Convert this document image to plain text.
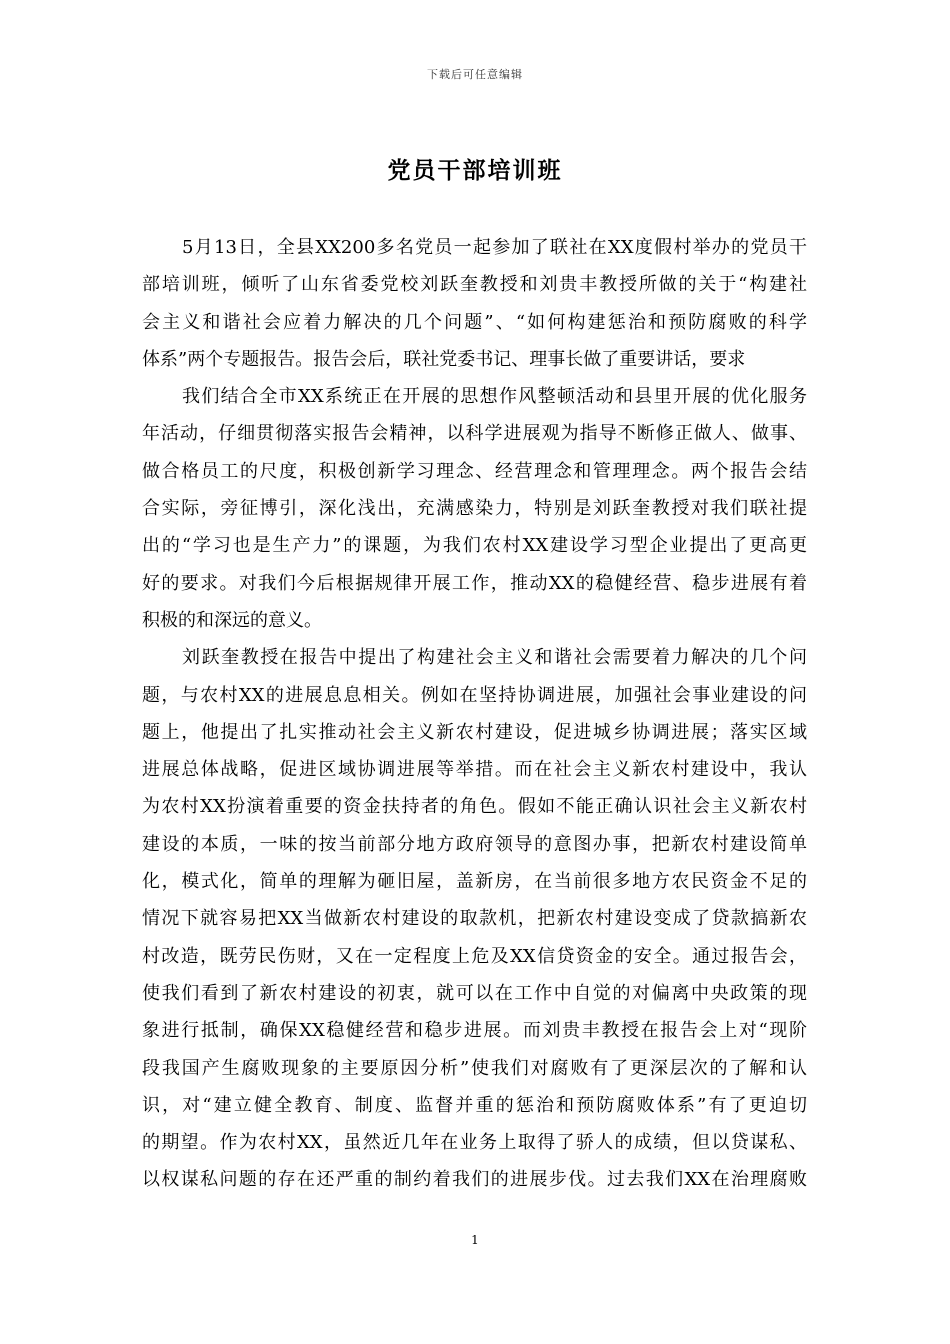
下载后可任意编辑
党员干部培训班
5月13日，全县XX200多名党员一起参加了联社在XX度假村举办的党员干
部培训班，倾听了山东省委党校刘跃奎教授和刘贵丰教授所做的关于“构建社
会主义和谐社会应着力解决的几个问题”、“如何构建惩治和预防腐败的科学
体系”两个专题报告。报告会后，联社党委书记、理事长做了重要讲话，要求
我们结合全市XX系统正在开展的思想作风整顿活动和县里开展的优化服务
年活动，仔细贯彻落实报告会精神，以科学进展观为指导不断修正做人、做事、
做合格员工的尺度，积极创新学习理念、经营理念和管理理念。两个报告会结
合实际，旁征博引，深化浅出，充满感染力，特别是刘跃奎教授对我们联社提
出的“学习也是生产力”的课题，为我们农村XX建设学习型企业提出了更高更
好的要求。对我们今后根据规律开展工作，推动XX的稳健经营、稳步进展有着
积极的和深远的意义。
刘跃奎教授在报告中提出了构建社会主义和谐社会需要着力解决的几个问
题，与农村XX的进展息息相关。例如在坚持协调进展，加强社会事业建设的问
题上，他提出了扎实推动社会主义新农村建设，促进城乡协调进展；落实区域
进展总体战略，促进区域协调进展等举措。而在社会主义新农村建设中，我认
为农村XX扮演着重要的资金扶持者的角色。假如不能正确认识社会主义新农村
建设的本质，一味的按当前部分地方政府领导的意图办事，把新农村建设简单
化，模式化，简单的理解为砸旧屋，盖新房，在当前很多地方农民资金不足的
情况下就容易把XX当做新农村建设的取款机，把新农村建设变成了贷款搞新农
村改造，既劳民伤财，又在一定程度上危及XX信贷资金的安全。通过报告会，
使我们看到了新农村建设的初衷，就可以在工作中自觉的对偏离中央政策的现
象进行抵制，确保XX稳健经营和稳步进展。而刘贵丰教授在报告会上对“现阶
段我国产生腐败现象的主要原因分析”使我们对腐败有了更深层次的了解和认
识，对“建立健全教育、制度、监督并重的惩治和预防腐败体系”有了更迫切
的期望。作为农村XX，虽然近几年在业务上取得了骄人的成绩，但以贷谋私、
以权谋私问题的存在还严重的制约着我们的进展步伐。过去我们XX在治理腐败
1
